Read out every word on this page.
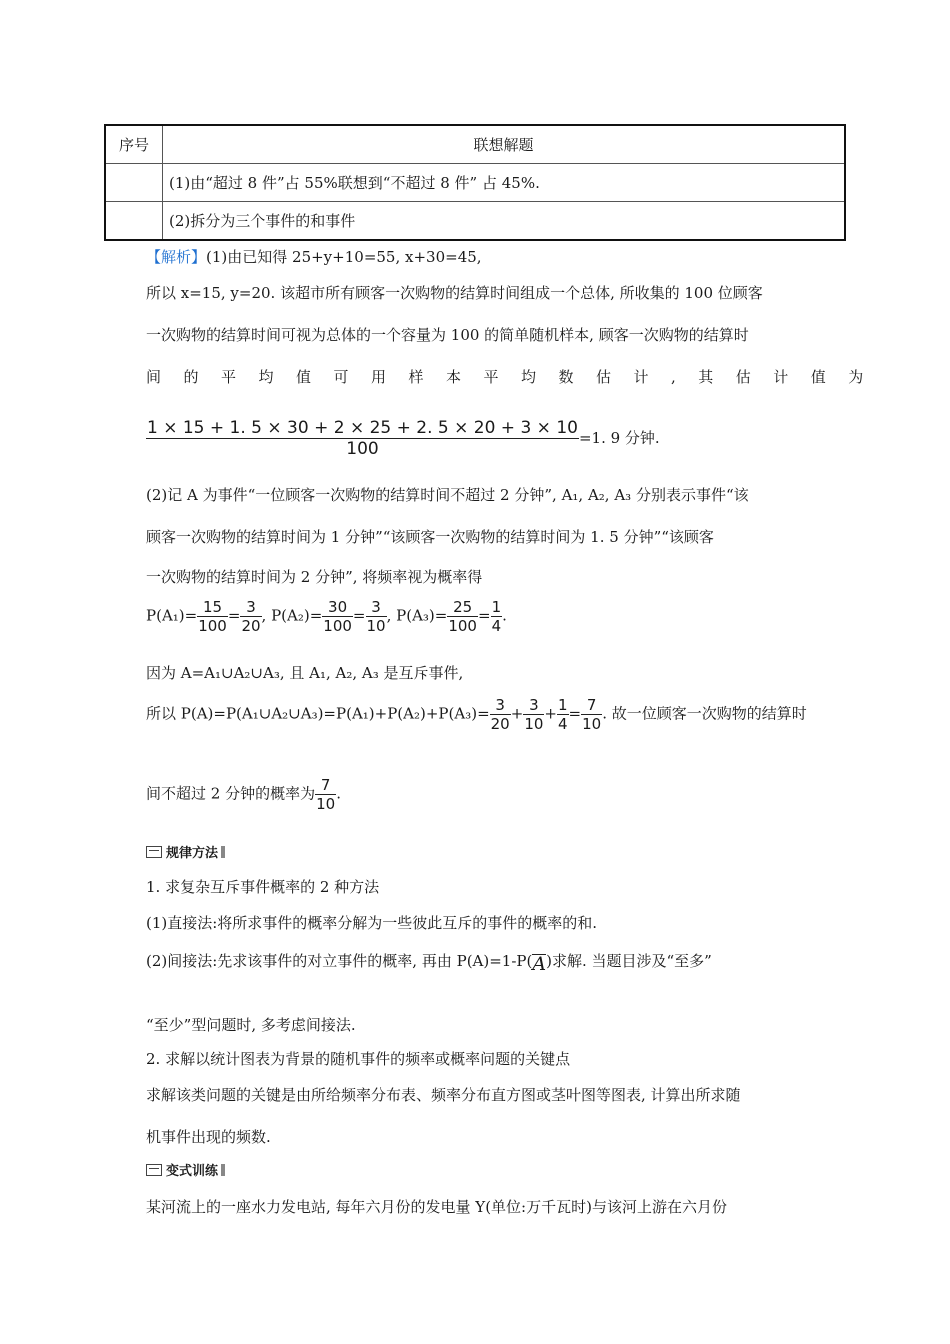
序号	联想解题
	(1)由“超过 8 件”占 55%联想到“不超过 8 件” 占 45%.
	(2)拆分为三个事件的和事件
【解析】(1)由已知得 25+y+10=55, x+30=45,
所以 x=15, y=20. 该超市所有顾客一次购物的结算时间组成一个总体, 所收集的 100 位顾客
一次购物的结算时间可视为总体的一个容量为 100 的简单随机样本, 顾客一次购物的结算时
间的平均值可用样本平均数估计,其估计值为
$\frac{1 \times 15 + 1. 5 \times 30 + 2 \times 25 + 2. 5 \times 20 + 3 \times 10}{100} =1$. 9 分钟.
(2)记 A 为事件“一位顾客一次购物的结算时间不超过 2 分钟”, A₁, A₂, A₃ 分别表示事件“该
顾客一次购物的结算时间为 1 分钟”“该顾客一次购物的结算时间为 1. 5 分钟”“该顾客
一次购物的结算时间为 2 分钟”, 将频率视为概率得
$P(A_1)= \frac{15}{100} = \frac{3}{20}$ , $P(A_2)= \frac{30}{100} = \frac{3}{10}$ , $P(A_3)= \frac{25}{100} = \frac{1}{4}$ .
因为 A=A₁∪A₂∪A₃, 且 A₁, A₂, A₃ 是互斥事件,
所以 P(A)=P(A₁∪A₂∪A₃)=P(A₁)+P(A₂)+P(A₃)= $\frac{3}{20} + \frac{3}{10} + \frac{1}{4} = \frac{7}{10}$ . 故一位顾客一次购物的结算时
间不超过 2 分钟的概率为 $\frac{7}{10}$ .
规律方法
1. 求复杂互斥事件概率的 2 种方法
(1)直接法:将所求事件的概率分解为一些彼此互斥的事件的概率的和.
(2)间接法:先求该事件的对立事件的概率, 再由 P(A)=1-P(A)求解. 当题目涉及“至多”
“至少”型问题时, 多考虑间接法.
2. 求解以统计图表为背景的随机事件的频率或概率问题的关键点
求解该类问题的关键是由所给频率分布表、频率分布直方图或茎叶图等图表, 计算出所求随
机事件出现的频数.
变式训练
某河流上的一座水力发电站, 每年六月份的发电量 Y(单位:万千瓦时)与该河上游在六月份
